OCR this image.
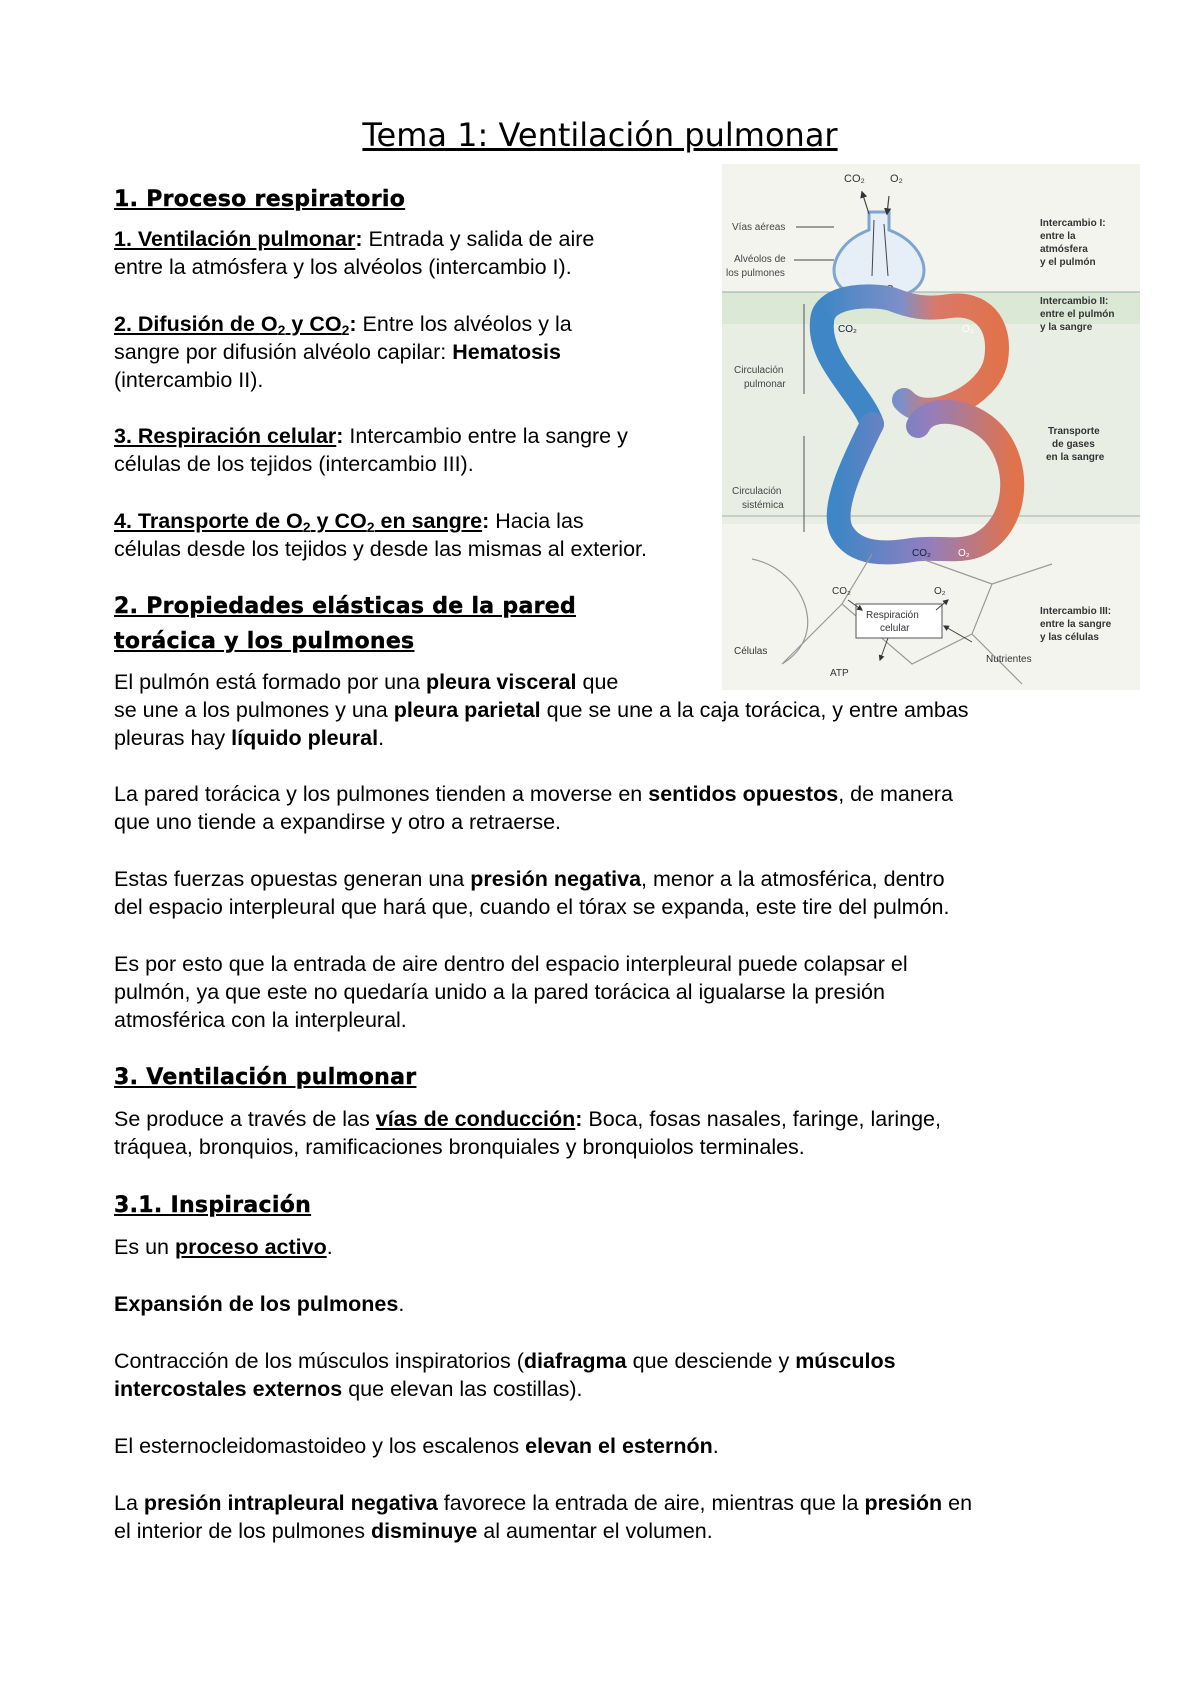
Tema 1: Ventilación pulmonar
1. Proceso respiratorio
1. Ventilación pulmonar: Entrada y salida de aire
entre la atmósfera y los alvéolos (intercambio I).
2. Difusión de $O_2$ y $CO_2$: Entre los alvéolos y la
sangre por difusión alvéolo capilar: Hematosis
(intercambio II).
3. Respiración celular: Intercambio entre la sangre y
células de los tejidos (intercambio III).
4. Transporte de $O_2$ y $CO_2$ en sangre: Hacia las
células desde los tejidos y desde las mismas al exterior.
2. Propiedades elásticas de la pared
torácica y los pulmones
El pulmón está formado por una pleura visceral que
se une a los pulmones y una pleura parietal que se une a la caja torácica, y entre ambas
pleuras hay líquido pleural.
La pared torácica y los pulmones tienden a moverse en sentidos opuestos, de manera
que uno tiende a expandirse y otro a retraerse.
Estas fuerzas opuestas generan una presión negativa, menor a la atmosférica, dentro
del espacio interpleural que hará que, cuando el tórax se expanda, este tire del pulmón.
Es por esto que la entrada de aire dentro del espacio interpleural puede colapsar el
pulmón, ya que este no quedaría unido a la pared torácica al igualarse la presión
atmosférica con la interpleural.
3. Ventilación pulmonar
Se produce a través de las vías de conducción: Boca, fosas nasales, faringe, laringe,
tráquea, bronquios, ramificaciones bronquiales y bronquiolos terminales.
3.1. Inspiración
Es un proceso activo.
Expansión de los pulmones.
Contracción de los músculos inspiratorios (diafragma que desciende y músculos
intercostales externos que elevan las costillas).
El esternocleidomastoideo y los escalenos elevan el esternón.
La presión intrapleural negativa favorece la entrada de aire, mientras que la presión en
el interior de los pulmones disminuye al aumentar el volumen.
CO₂ O₂
CO₂ O₂
Vías aéreas
Alvéolos de
los pulmones
Circulación
pulmonar
Circulación
sistémica
CO₂	O₂
CO₂	O₂
CO₂	O₂
Respiración
celular
Células
Nutrientes
ATP
Intercambio I:
entre la
atmósfera
y el pulmón
Intercambio II:
entre el pulmón
y la sangre
Transporte
de gases
en la sangre
Intercambio III:
entre la sangre
y las células
